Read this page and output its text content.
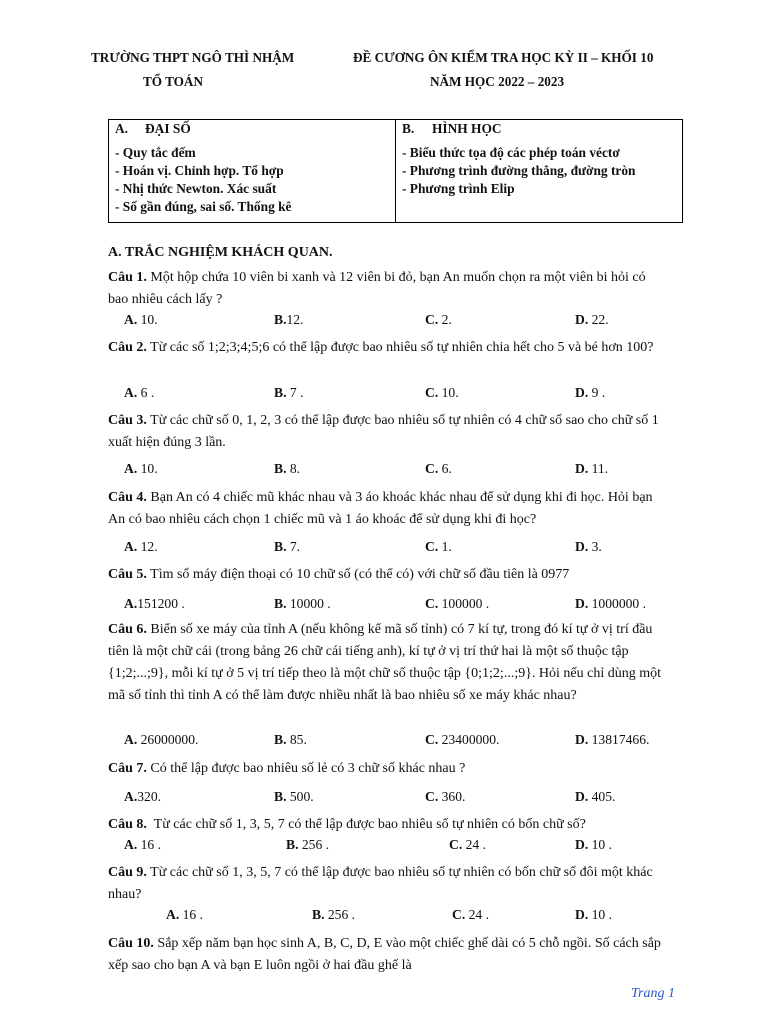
TRƯỜNG THPT NGÔ THÌ NHẬM
TỔ TOÁN
ĐỀ CƯƠNG ÔN KIỂM TRA HỌC KỲ II – KHỐI 10
NĂM HỌC 2022 – 2023
A. ĐẠI SỐ
- Quy tắc đếm
- Hoán vị. Chỉnh hợp. Tổ hợp
- Nhị thức Newton. Xác suất
- Số gần đúng, sai số. Thống kê
B. HÌNH HỌC
- Biểu thức tọa độ các phép toán véctơ
- Phương trình đường thẳng, đường tròn
- Phương trình Elip
A. TRẮC NGHIỆM KHÁCH QUAN.
Câu 1. Một hộp chứa 10 viên bi xanh và 12 viên bi đỏ, bạn An muốn chọn ra một viên bi hỏi có bao nhiêu cách lấy ?
A. 10.	B.12.	C. 2.	D. 22.
Câu 2. Từ các số 1;2;3;4;5;6 có thể lập được bao nhiêu số tự nhiên chia hết cho 5 và bé hơn 100?
A. 6 .	B. 7 .	C. 10.	D. 9 .
Câu 3. Từ các chữ số 0, 1, 2, 3 có thể lập được bao nhiêu số tự nhiên có 4 chữ số sao cho chữ số 1 xuất hiện đúng 3 lần.
A. 10.	B. 8.	C. 6.	D. 11.
Câu 4. Bạn An có 4 chiếc mũ khác nhau và 3 áo khoác khác nhau để sử dụng khi đi học. Hỏi bạn An có bao nhiêu cách chọn 1 chiếc mũ và 1 áo khoác để sử dụng khi đi học?
A. 12.	B. 7.	C. 1.	D. 3.
Câu 5. Tìm số máy điện thoại có 10 chữ số (có thể có) với chữ số đầu tiên là 0977
A.151200 .	B. 10000 .	C. 100000 .	D. 1000000 .
Câu 6. Biển số xe máy của tỉnh A (nếu không kể mã số tỉnh) có 7 kí tự, trong đó kí tự ở vị trí đầu tiên là một chữ cái (trong bảng 26 chữ cái tiếng anh), kí tự ở vị trí thứ hai là một số thuộc tập {1;2;...;9}, mỗi kí tự ở 5 vị trí tiếp theo là một chữ số thuộc tập {0;1;2;...;9}. Hỏi nếu chỉ dùng một mã số tỉnh thì tỉnh A có thể làm được nhiều nhất là bao nhiêu số xe máy khác nhau?
A. 26000000.	B. 85.	C. 23400000.	D. 13817466.
Câu 7. Có thể lập được bao nhiêu số lẻ có 3 chữ số khác nhau ?
A.320.	B. 500.	C. 360.	D. 405.
Câu 8. Từ các chữ số 1, 3, 5, 7 có thể lập được bao nhiêu số tự nhiên có bốn chữ số?
A. 16 .	B. 256 .	C. 24 .	D. 10 .
Câu 9. Từ các chữ số 1, 3, 5, 7 có thể lập được bao nhiêu số tự nhiên có bốn chữ số đôi một khác nhau?
A. 16 .	B. 256 .	C. 24 .	D. 10 .
Câu 10. Sắp xếp năm bạn học sinh A, B, C, D, E vào một chiếc ghế dài có 5 chỗ ngồi. Số cách sắp xếp sao cho bạn A và bạn E luôn ngồi ở hai đầu ghế là
Trang 1
